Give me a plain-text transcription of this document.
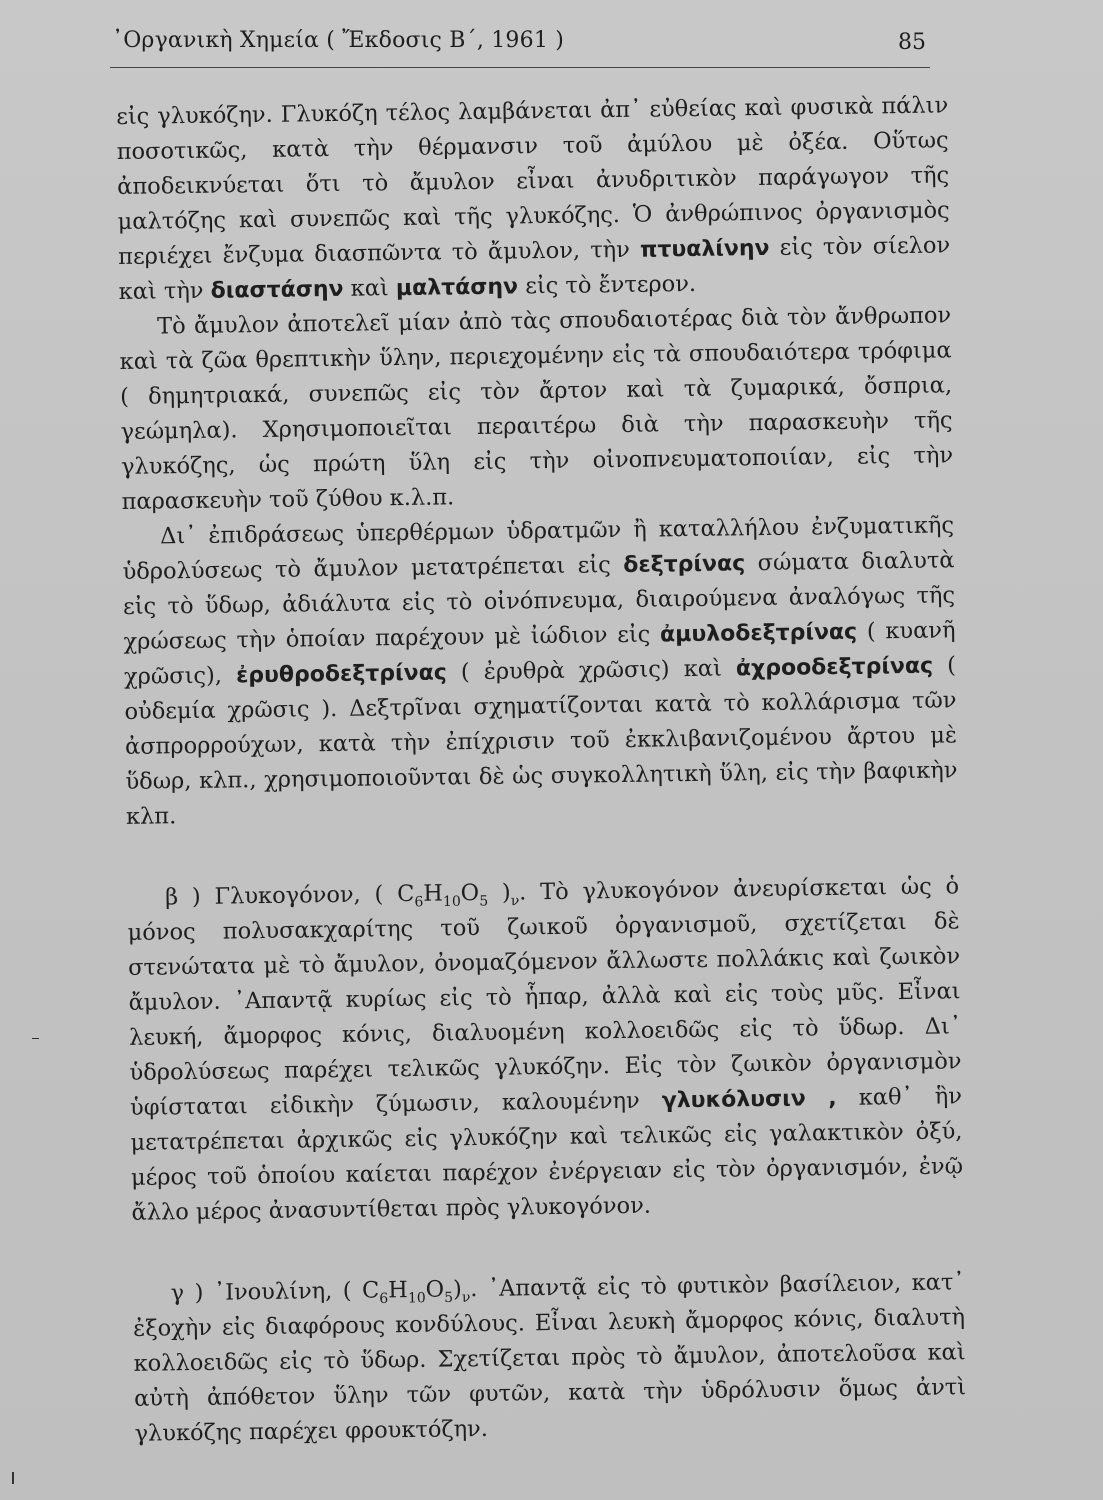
᾿Οργανικὴ Χημεία ( Ἔκδοσις Β΄, 1961 )	85

εἰς γλυκόζην. Γλυκόζη τέλος λαμβάνεται ἀπ᾿ εὐθείας καὶ φυσικὰ πάλιν ποσοτικῶς, κατὰ τὴν θέρμανσιν τοῦ ἀμύλου μὲ ὀξέα. Οὕτως ἀποδεικνύεται ὅτι τὸ ἄμυλον εἶναι ἀνυδριτικὸν παράγωγον τῆς μαλτόζης καὶ συνεπῶς καὶ τῆς γλυκόζης. Ὁ ἀνθρώπινος ὀργανισμὸς περιέχει ἔνζυμα διασπῶντα τὸ ἄμυλον, τὴν πτυαλίνην εἰς τὸν σίελον καὶ τὴν διαστάσην καὶ μαλτάσην εἰς τὸ ἔντερον.

Τὸ ἄμυλον ἀποτελεῖ μίαν ἀπὸ τὰς σπουδαιοτέρας διὰ τὸν ἄνθρωπον καὶ τὰ ζῶα θρεπτικὴν ὕλην, περιεχομένην εἰς τὰ σπουδαιότερα τρόφιμα ( δημητριακά, συνεπῶς εἰς τὸν ἄρτον καὶ τὰ ζυμαρικά, ὄσπρια, γεώμηλα). Χρησιμοποιεῖται περαιτέρω διὰ τὴν παρασκευὴν τῆς γλυκόζης, ὡς πρώτη ὕλη εἰς τὴν οἰνοπνευματοποιίαν, εἰς τὴν παρασκευὴν τοῦ ζύθου κ.λ.π.

Δι᾿ ἐπιδράσεως ὑπερθέρμων ὑδρατμῶν ἢ καταλλήλου ἐνζυματικῆς ὑδρολύσεως τὸ ἄμυλον μετατρέπεται εἰς δεξτρίνας σώματα διαλυτὰ εἰς τὸ ὕδωρ, ἀδιάλυτα εἰς τὸ οἰνόπνευμα, διαιρούμενα ἀναλόγως τῆς χρώσεως τὴν ὁποίαν παρέχουν μὲ ἰώδιον εἰς ἀμυλοδεξτρίνας ( κυανῆ χρῶσις), ἐρυθροδεξτρίνας ( ἐρυθρὰ χρῶσις) καὶ ἀχροοδεξτρίνας ( οὐδεμία χρῶσις ). Δεξτρῖναι σχηματίζονται κατὰ τὸ κολλάρισμα τῶν ἀσπρορρούχων, κατὰ τὴν ἐπίχρισιν τοῦ ἐκκλιβανιζομένου ἄρτου μὲ ὕδωρ, κλπ., χρησιμοποιοῦνται δὲ ὡς συγκολλητικὴ ὕλη, εἰς τὴν βαφικὴν κλπ.

β ) Γλυκογόνον, ( $C_6H_{10}O_5$ )$_\nu$. Τὸ γλυκογόνον ἀνευρίσκεται ὡς ὁ μόνος πολυσακχαρίτης τοῦ ζωικοῦ ὀργανισμοῦ, σχετίζεται δὲ στενώτατα μὲ τὸ ἄμυλον, ὀνομαζόμενον ἄλλωστε πολλάκις καὶ ζωικὸν ἄμυλον. ᾿Απαντᾷ κυρίως εἰς τὸ ἧπαρ, ἀλλὰ καὶ εἰς τοὺς μῦς. Εἶναι λευκή, ἄμορφος κόνις, διαλυομένη κολλοειδῶς εἰς τὸ ὕδωρ. Δι᾿ ὑδρολύσεως παρέχει τελικῶς γλυκόζην. Εἰς τὸν ζωικὸν ὀργανισμὸν ὑφίσταται εἰδικὴν ζύμωσιν, καλουμένην γλυκόλυσιν , καθ᾿ ἣν μετατρέπεται ἀρχικῶς εἰς γλυκόζην καὶ τελικῶς εἰς γαλακτικὸν ὀξύ, μέρος τοῦ ὁποίου καίεται παρέχον ἐνέργειαν εἰς τὸν ὀργανισμόν, ἐνῷ ἄλλο μέρος ἀνασυντίθεται πρὸς γλυκογόνον.

γ ) ᾿Ινουλίνη, ( $C_6H_{10}O_5)_\nu$. ᾿Απαντᾷ εἰς τὸ φυτικὸν βασίλειον, κατ᾿ ἐξοχὴν εἰς διαφόρους κονδύλους. Εἶναι λευκὴ ἄμορφος κόνις, διαλυτὴ κολλοειδῶς εἰς τὸ ὕδωρ. Σχετίζεται πρὸς τὸ ἄμυλον, ἀποτελοῦσα καὶ αὐτὴ ἀπόθετον ὕλην τῶν φυτῶν, κατὰ τὴν ὑδρόλυσιν ὅμως ἀντὶ γλυκόζης παρέχει φρουκτόζην.
